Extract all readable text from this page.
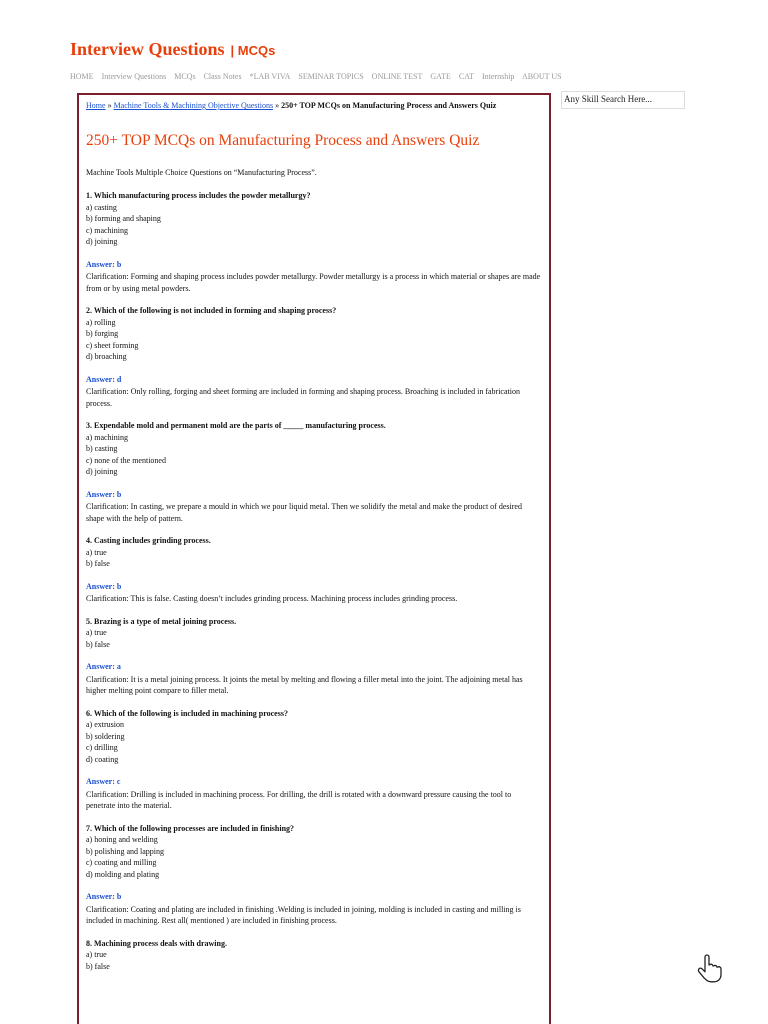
Interview Questions | MCQs
HOME Interview Questions MCQs Class Notes *LAB VIVA SEMINAR TOPICS ONLINE TEST GATE CAT Internship ABOUT US
Home » Machine Tools & Machining Objective Questions » 250+ TOP MCQs on Manufacturing Process and Answers Quiz
250+ TOP MCQs on Manufacturing Process and Answers Quiz

Machine Tools Multiple Choice Questions on “Manufacturing Process”.

1. Which manufacturing process includes the powder metallurgy?

a) casting

b) forming and shaping

c) machining

d) joining

Answer: b

Clarification: Forming and shaping process includes powder metallurgy. Powder metallurgy is a process in which material or shapes are made from or by using metal powders.

2. Which of the following is not included in forming and shaping process?

a) rolling

b) forging

c) sheet forming

d) broaching

Answer: d

Clarification: Only rolling, forging and sheet forming are included in forming and shaping process. Broaching is included in fabrication process.

3. Expendable mold and permanent mold are the parts of _____ manufacturing process.

a) machining

b) casting

c) none of the mentioned

d) joining

Answer: b

Clarification: In casting, we prepare a mould in which we pour liquid metal. Then we solidify the metal and make the product of desired shape with the help of pattern.

4. Casting includes grinding process.

a) true

b) false

Answer: b

Clarification: This is false. Casting doesn’t includes grinding process. Machining process includes grinding process.

5. Brazing is a type of metal joining process.

a) true

b) false

Answer: a

Clarification: It is a metal joining process. It joints the metal by melting and flowing a filler metal into the joint. The adjoining metal has higher melting point compare to filler metal.

6. Which of the following is included in machining process?

a) extrusion

b) soldering

c) drilling

d) coating

Answer: c

Clarification: Drilling is included in machining process. For drilling, the drill is rotated with a downward pressure causing the tool to penetrate into the material.

7. Which of the following processes are included in finishing?

a) honing and welding

b) polishing and lapping

c) coating and milling

d) molding and plating

Answer: b

Clarification: Coating and plating are included in finishing .Welding is included in joining, molding is included in casting and milling is included in machining. Rest all( mentioned ) are included in finishing process.

8. Machining process deals with drawing.

a) true

b) false

Any Skill Search Here...
